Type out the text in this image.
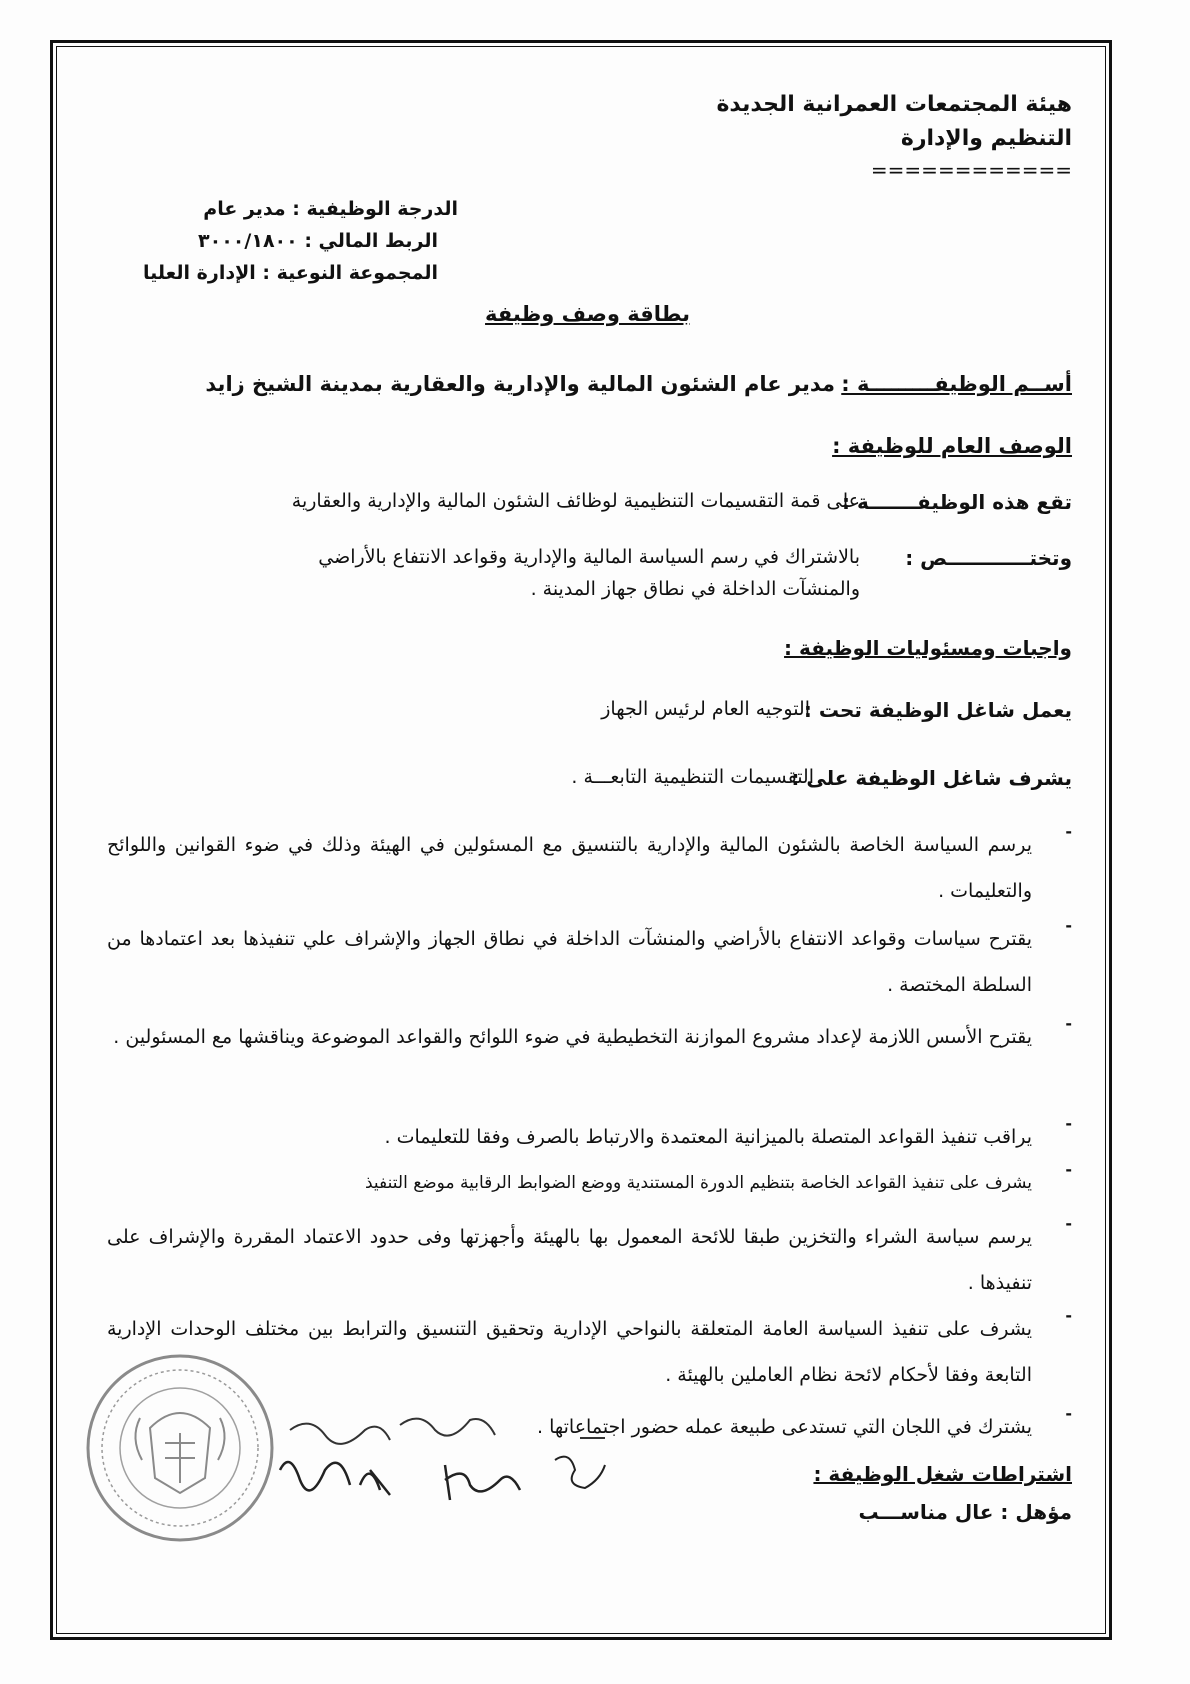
هيئة المجتمعات العمرانية الجديدة
التنظيم والإدارة
============
الدرجة الوظيفية : مدير عام
الربط المالي : ٣٠٠٠/١٨٠٠
المجموعة النوعية : الإدارة العليا
بطاقة وصف وظيفة
أســم الوظيفـــــــــة :
مدير عام الشئون المالية والإدارية والعقارية بمدينة الشيخ زايد
الوصف العام للوظيفة :
تقع هذه الوظيفـــــــة :
على قمة التقسيمات التنظيمية لوظائف الشئون المالية والإدارية والعقارية
وتختــــــــــــص :
بالاشتراك في رسم السياسة المالية والإدارية وقواعد الانتفاع بالأراضي
والمنشآت الداخلة في نطاق جهاز المدينة .
واجبات ومسئوليات الوظيفة :
يعمل شاغل الوظيفة تحت :
التوجيه العام لرئيس الجهاز
يشرف شاغل الوظيفة على :
التقسيمات التنظيمية التابعـــة .
-
يرسم السياسة الخاصة بالشئون المالية والإدارية بالتنسيق مع المسئولين في الهيئة وذلك في ضوء القوانين واللوائح والتعليمات .
-
يقترح سياسات وقواعد الانتفاع بالأراضي والمنشآت الداخلة في نطاق الجهاز والإشراف علي تنفيذها بعد اعتمادها من السلطة المختصة .
-
يقترح الأسس اللازمة لإعداد مشروع الموازنة التخطيطية في ضوء اللوائح والقواعد الموضوعة ويناقشها مع المسئولين .
-
يراقب تنفيذ القواعد المتصلة بالميزانية المعتمدة والارتباط بالصرف وفقا للتعليمات .
-
يشرف على تنفيذ القواعد الخاصة بتنظيم الدورة المستندية ووضع الضوابط الرقابية موضع التنفيذ
-
يرسم سياسة الشراء والتخزين طبقا للائحة المعمول بها بالهيئة وأجهزتها وفى حدود الاعتماد المقررة والإشراف على تنفيذها .
-
يشرف على تنفيذ السياسة العامة المتعلقة بالنواحي الإدارية وتحقيق التنسيق والترابط بين مختلف الوحدات الإدارية التابعة وفقا لأحكام لائحة نظام العاملين بالهيئة .
-
يشترك في اللجان التي تستدعى طبيعة عمله حضور اجتماعاتها .
اشتراطات شغل الوظيفة :
مؤهل : عال مناســـب
